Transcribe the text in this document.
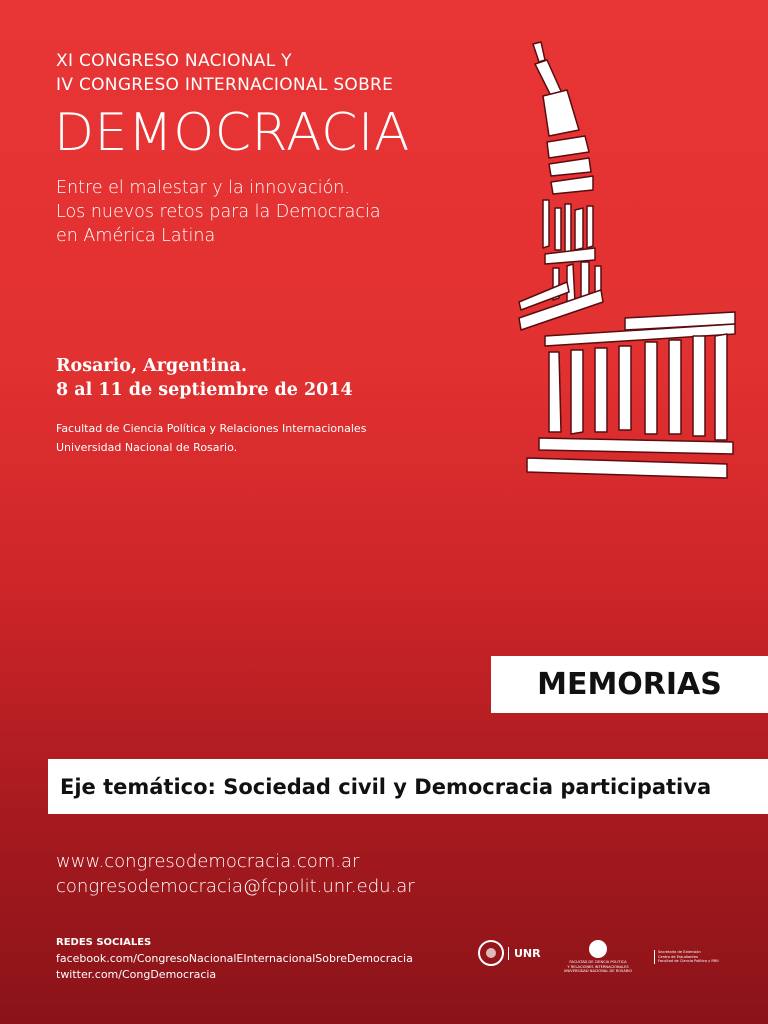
XI CONGRESO NACIONAL Y
IV CONGRESO INTERNACIONAL SOBRE
DEMOCRACIA
Entre el malestar y la innovación.
Los nuevos retos para la Democracia
en América Latina
Rosario, Argentina.
8 al 11 de septiembre de 2014
Facultad de Ciencia Política y Relaciones Internacionales
Universidad Nacional de Rosario.
MEMORIAS
Eje temático: Sociedad civil y Democracia participativa
www.congresodemocracia.com.ar
congresodemocracia@fcpolit.unr.edu.ar
REDES SOCIALES
facebook.com/CongresoNacionalEInternacionalSobreDemocracia
twitter.com/CongDemocracia
UNR
FACULTAD DE CIENCIA POLÍTICA
Y RELACIONES INTERNACIONALES
UNIVERSIDAD NACIONAL DE ROSARIO
Secretaría de Extensión
Centro de Estudiantes
Facultad de Ciencia Política y RRII
